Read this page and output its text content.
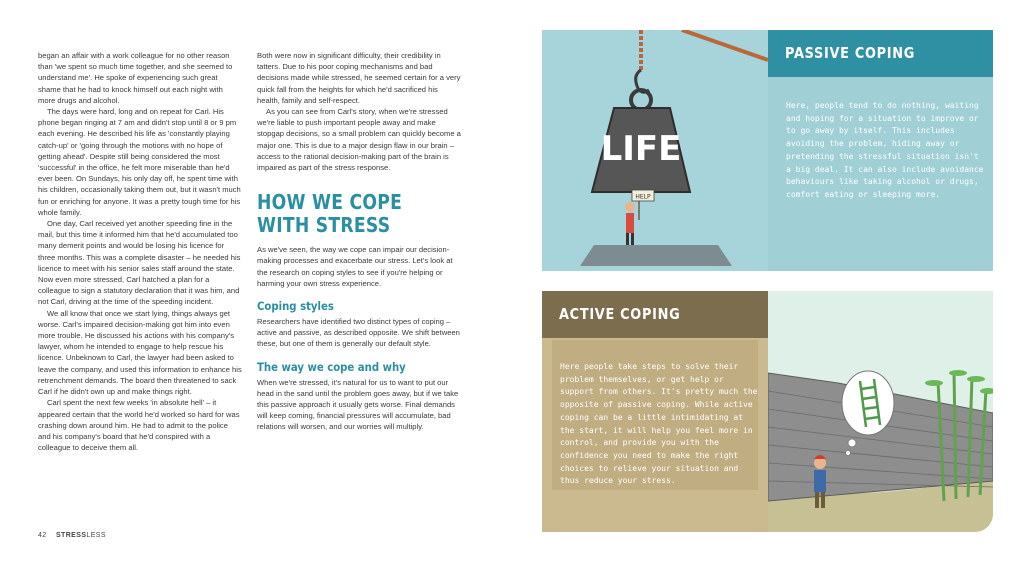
began an affair with a work colleague for no other reason than 'we spent so much time together, and she seemed to understand me'. He spoke of experiencing such great shame that he had to knock himself out each night with more drugs and alcohol.

The days were hard, long and on repeat for Carl. His phone began ringing at 7 am and didn't stop until 8 or 9 pm each evening. He described his life as 'constantly playing catch-up' or 'going through the motions with no hope of getting ahead'. Despite still being considered the most 'successful' in the office, he felt more miserable than he'd ever been. On Sundays, his only day off, he spent time with his children, occasionally taking them out, but it wasn't much fun or enriching for anyone. It was a pretty tough time for his whole family.

One day, Carl received yet another speeding fine in the mail, but this time it informed him that he'd accumulated too many demerit points and would be losing his licence for three months. This was a complete disaster – he needed his licence to meet with his senior sales staff around the state. Now even more stressed, Carl hatched a plan for a colleague to sign a statutory declaration that it was him, and not Carl, driving at the time of the speeding incident.

We all know that once we start lying, things always get worse. Carl's impaired decision-making got him into even more trouble. He discussed his actions with his company's lawyer, whom he intended to engage to help rescue his licence. Unbeknown to Carl, the lawyer had been asked to leave the company, and used this information to enhance his retrenchment demands. The board then threatened to sack Carl if he didn't own up and make things right.

Carl spent the next few weeks 'in absolute hell' – it appeared certain that the world he'd worked so hard for was crashing down around him. He had to admit to the police and his company's board that he'd conspired with a colleague to deceive them all.

Both were now in significant difficulty, their credibility in tatters. Due to his poor coping mechanisms and bad decisions made while stressed, he seemed certain for a very quick fall from the heights for which he'd sacrificed his health, family and self-respect.

As you can see from Carl's story, when we're stressed we're liable to push important people away and make stopgap decisions, so a small problem can quickly become a major one. This is due to a major design flaw in our brain – access to the rational decision-making part of the brain is impaired as part of the stress response.

HOW WE COPE
WITH STRESS

As we've seen, the way we cope can impair our decision-making processes and exacerbate our stress. Let's look at the research on coping styles to see if you're helping or harming your own stress experience.

Coping styles

Researchers have identified two distinct types of coping – active and passive, as described opposite. We shift between these, but one of them is generally our default style.

The way we cope and why

When we're stressed, it's natural for us to want to put our head in the sand until the problem goes away, but if we take this passive approach it usually gets worse. Final demands will keep coming, financial pressures will accumulate, bad relations will worsen, and our worries will multiply.

42 STRESSLESS
LIFE
HELP
PASSIVE COPING
Here, people tend to do nothing, waiting and hoping for a situation to improve or to go away by itself. This includes avoiding the problem, hiding away or pretending the stressful situation isn't a big deal. It can also include avoidance behaviours like taking alcohol or drugs, comfort eating or sleeping more.
ACTIVE COPING
Here people take steps to solve their problem themselves, or get help or support from others. It's pretty much the opposite of passive coping. While active coping can be a little intimidating at the start, it will help you feel more in control, and provide you with the confidence you need to make the right choices to relieve your situation and thus reduce your stress.
